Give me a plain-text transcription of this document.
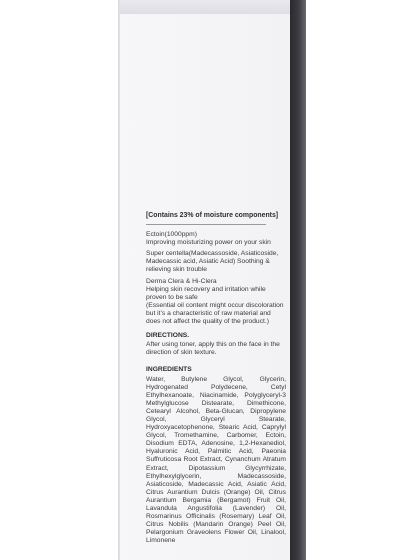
[Contains 23% of moisture components]

Ectoin(1000ppm)
Improving moisturizing power on your skin

Super centella(Madecassoside, Asiaticoside, Madecassic acid, Asiatic Acid) Soothing & relieving skin trouble

Derma Clera & Hi-Clera
Helping skin recovery and irritation while proven to be safe

(Essential oil content might occur discoloration but it’s a characteristic of raw material and does not affect the quality of the product.)

DIRECTIONS.

After using toner, apply this on the face in the direction of skin texture.

INGREDIENTS

Water, Butylene Glycol, Glycerin, Hydrogenated Polydecene, Cetyl Ethylhexanoate, Niacinamide, Polyglyceryl-3 Methylglucose Distearate, Dimethicone, Cetearyl Alcohol, Beta-Glucan, Dipropylene Glycol, Glyceryl Stearate, Hydroxyacetophenone, Stearic Acid, Caprylyl Glycol, Tromethamine, Carbomer, Ectoin, Disodium EDTA, Adenosine, 1,2-Hexanediol, Hyaluronic Acid, Palmitic Acid, Paeonia Suffruticosa Root Extract, Cynanchum Atratum Extract, Dipotassium Glycyrrhizate, Ethylhexylglycerin, Madecassoside, Asiaticoside, Madecassic Acid, Asiatic Acid, Citrus Aurantium Dulcis (Orange) Oil, Citrus Aurantium Bergamia (Bergamot) Fruit Oil, Lavandula Angustifolia (Lavender) Oil, Rosmarinus Officinalis (Rosemary) Leaf Oil, Citrus Nobilis (Mandarin Orange) Peel Oil, Pelargonium Graveolens Flower Oil, Linalool, Limonene
